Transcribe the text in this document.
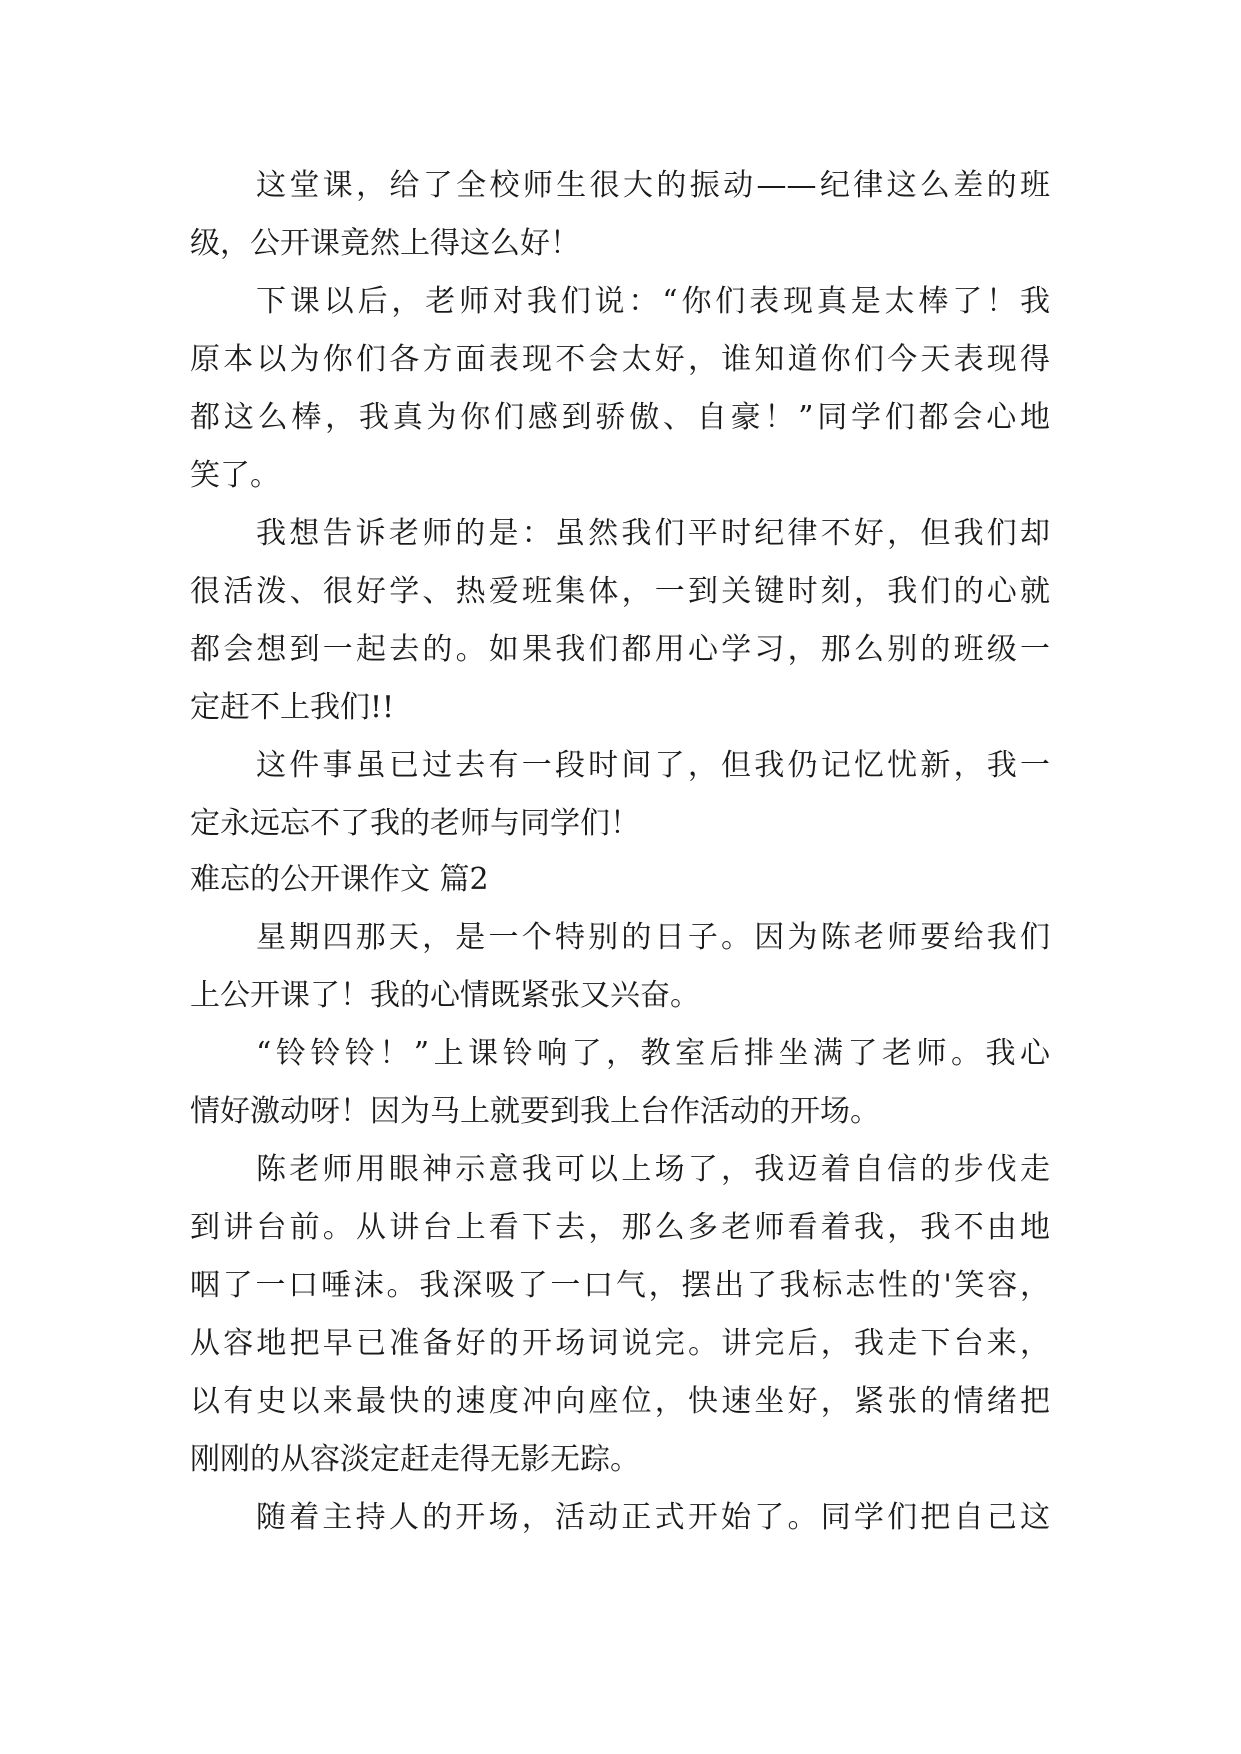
这堂课，给了全校师生很大的振动——纪律这么差的班
级，公开课竟然上得这么好！
下课以后，老师对我们说：“你们表现真是太棒了！我
原本以为你们各方面表现不会太好，谁知道你们今天表现得
都这么棒，我真为你们感到骄傲、自豪！”同学们都会心地
笑了。
我想告诉老师的是：虽然我们平时纪律不好，但我们却
很活泼、很好学、热爱班集体，一到关键时刻，我们的心就
都会想到一起去的。如果我们都用心学习，那么别的班级一
定赶不上我们!!
这件事虽已过去有一段时间了，但我仍记忆忧新，我一
定永远忘不了我的老师与同学们！
难忘的公开课作文 篇2
星期四那天，是一个特别的日子。因为陈老师要给我们
上公开课了！我的心情既紧张又兴奋。
“铃铃铃！”上课铃响了，教室后排坐满了老师。我心
情好激动呀！因为马上就要到我上台作活动的开场。
陈老师用眼神示意我可以上场了，我迈着自信的步伐走
到讲台前。从讲台上看下去，那么多老师看着我，我不由地
咽了一口唾沫。我深吸了一口气，摆出了我标志性的'笑容，
从容地把早已准备好的开场词说完。讲完后，我走下台来，
以有史以来最快的速度冲向座位，快速坐好，紧张的情绪把
刚刚的从容淡定赶走得无影无踪。
随着主持人的开场，活动正式开始了。同学们把自己这
